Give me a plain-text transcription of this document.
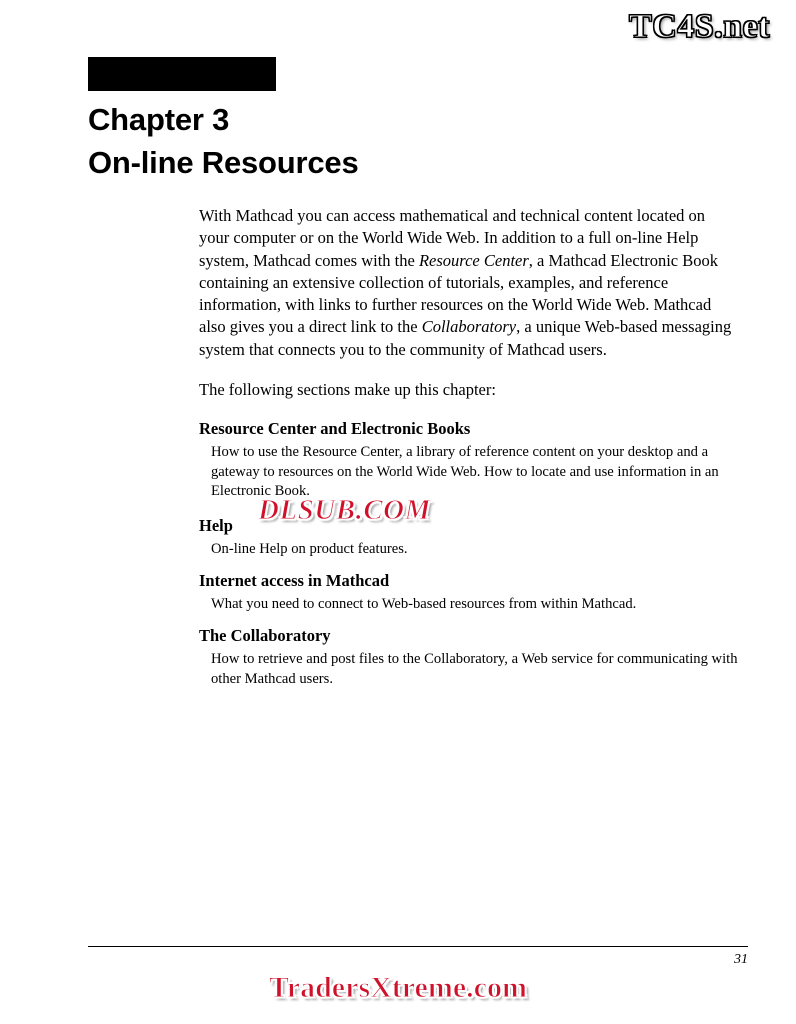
TC4S.net
Chapter 3
On-line Resources

With Mathcad you can access mathematical and technical content located on your computer or on the World Wide Web. In addition to a full on-line Help system, Mathcad comes with the Resource Center, a Mathcad Electronic Book containing an extensive collection of tutorials, examples, and reference information, with links to further resources on the World Wide Web. Mathcad also gives you a direct link to the Collaboratory, a unique Web-based messaging system that connects you to the community of Mathcad users.

The following sections make up this chapter:

Resource Center and Electronic Books
How to use the Resource Center, a library of reference content on your desktop and a gateway to resources on the World Wide Web. How to locate and use information in an Electronic Book.
Help
On-line Help on product features.
Internet access in Mathcad
What you need to connect to Web-based resources from within Mathcad.
The Collaboratory
How to retrieve and post files to the Collaboratory, a Web service for communicating with other Mathcad users.
DLSUB.COM
31
TradersXtreme.com
